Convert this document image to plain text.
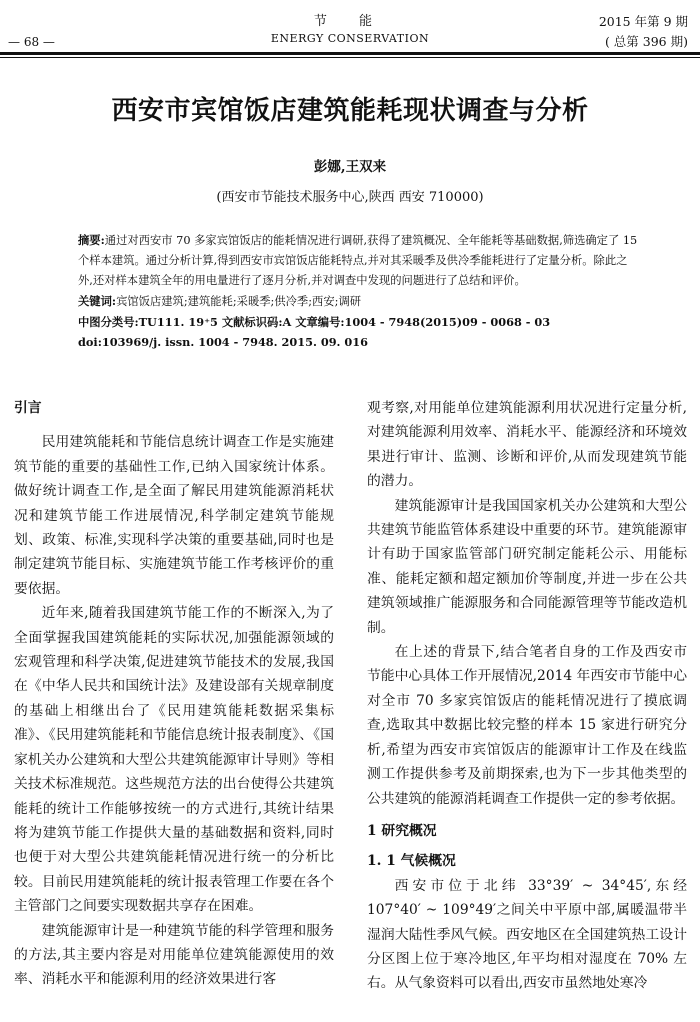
节 能
ENERGY CONSERVATION
— 68 —
2015 年第 9 期
( 总第 396 期)
西安市宾馆饭店建筑能耗现状调查与分析
彭娜,王双来
(西安市节能技术服务中心,陕西 西安 710000)

摘要:通过对西安市 70 多家宾馆饭店的能耗情况进行调研,获得了建筑概况、全年能耗等基础数据,筛选确定了 15 个样本建筑。通过分析计算,得到西安市宾馆饭店能耗特点,并对其采暖季及供冷季能耗进行了定量分析。除此之外,还对样本建筑全年的用电量进行了逐月分析,并对调查中发现的问题进行了总结和评价。

关键词:宾馆饭店建筑;建筑能耗;采暖季;供冷季;西安;调研

中图分类号:TU111. 19⁺5 文献标识码:A 文章编号:1004 - 7948(2015)09 - 0068 - 03

doi:103969/j. issn. 1004 - 7948. 2015. 09. 016

引言

民用建筑能耗和节能信息统计调查工作是实施建筑节能的重要的基础性工作,已纳入国家统计体系。做好统计调查工作,是全面了解民用建筑能源消耗状况和建筑节能工作进展情况,科学制定建筑节能规划、政策、标准,实现科学决策的重要基础,同时也是制定建筑节能目标、实施建筑节能工作考核评价的重要依据。

近年来,随着我国建筑节能工作的不断深入,为了全面掌握我国建筑能耗的实际状况,加强能源领域的宏观管理和科学决策,促进建筑节能技术的发展,我国在《中华人民共和国统计法》及建设部有关规章制度的基础上相继出台了《民用建筑能耗数据采集标准》、《民用建筑能耗和节能信息统计报表制度》、《国家机关办公建筑和大型公共建筑能源审计导则》等相关技术标准规范。这些规范方法的出台使得公共建筑能耗的统计工作能够按统一的方式进行,其统计结果将为建筑节能工作提供大量的基础数据和资料,同时也便于对大型公共建筑能耗情况进行统一的分析比较。目前民用建筑能耗的统计报表管理工作要在各个主管部门之间要实现数据共享存在困难。

建筑能源审计是一种建筑节能的科学管理和服务的方法,其主要内容是对用能单位建筑能源使用的效率、消耗水平和能源利用的经济效果进行客

观考察,对用能单位建筑能源利用状况进行定量分析,对建筑能源利用效率、消耗水平、能源经济和环境效果进行审计、监测、诊断和评价,从而发现建筑节能的潜力。

建筑能源审计是我国国家机关办公建筑和大型公共建筑节能监管体系建设中重要的环节。建筑能源审计有助于国家监管部门研究制定能耗公示、用能标准、能耗定额和超定额加价等制度,并进一步在公共建筑领域推广能源服务和合同能源管理等节能改造机制。

在上述的背景下,结合笔者自身的工作及西安市节能中心具体工作开展情况,2014 年西安市节能中心对全市 70 多家宾馆饭店的能耗情况进行了摸底调查,选取其中数据比较完整的样本 15 家进行研究分析,希望为西安市宾馆饭店的能源审计工作及在线监测工作提供参考及前期探索,也为下一步其他类型的公共建筑的能源消耗调查工作提供一定的参考依据。

1 研究概况
1. 1 气候概况

西安市位于北纬 33°39′ ~ 34°45′,东经 107°40′ ~ 109°49′之间关中平原中部,属暖温带半湿润大陆性季风气候。西安地区在全国建筑热工设计分区图上位于寒冷地区,年平均相对湿度在 70% 左右。从气象资料可以看出,西安市虽然地处寒冷
